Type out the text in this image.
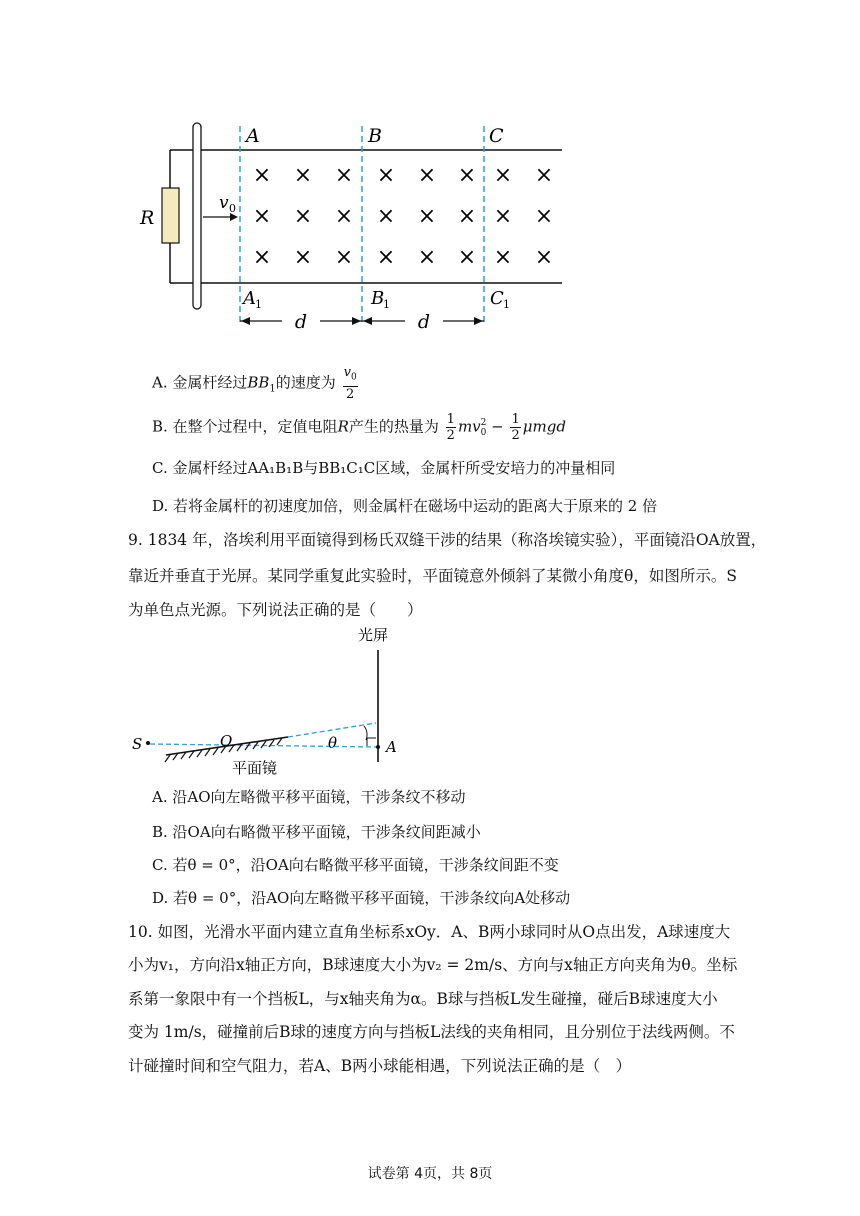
R
v 0
A	B	C
A 1	B
1	C 1
× × × × × × × ×
× × × × × × × ×
× × × × × × × ×
d	d
A. 金属杆经过$BB_1$的速度为 $\frac{v_0}{2}$
B. 在整个过程中，定值电阻R产生的热量为 $\frac{1}{2}$ mv 2
$0 - \frac{1}{2}$ μmgd
C. 金属杆经过AA₁B₁B与BB₁C₁C区域，金属杆所受安培力的冲量相同
D. 若将金属杆的初速度加倍，则金属杆在磁场中运动的距离大于原来的 2 倍
9. 1834 年，洛埃利用平面镜得到杨氏双缝干涉的结果（称洛埃镜实验），平面镜沿OA放置，
靠近并垂直于光屏。某同学重复此实验时，平面镜意外倾斜了某微小角度θ，如图所示。S
为单色点光源。下列说法正确的是（　　）
光屏
θ
S	O	A
平面镜
A. 沿AO向左略微平移平面镜，干涉条纹不移动
B. 沿OA向右略微平移平面镜，干涉条纹间距减小
C. 若θ = 0°，沿OA向右略微平移平面镜，干涉条纹间距不变
D. 若θ = 0°，沿AO向左略微平移平面镜，干涉条纹向A处移动
10. 如图，光滑水平面内建立直角坐标系xOy．A、B两小球同时从O点出发，A球速度大
小为v₁，方向沿x轴正方向，B球速度大小为v₂ = 2m/s、方向与x轴正方向夹角为θ。坐标
系第一象限中有一个挡板L，与x轴夹角为α。B球与挡板L发生碰撞，碰后B球速度大小
变为 1m/s，碰撞前后B球的速度方向与挡板L法线的夹角相同，且分别位于法线两侧。不
计碰撞时间和空气阻力，若A、B两小球能相遇，下列说法正确的是（　）
试卷第 4页，共 8页
